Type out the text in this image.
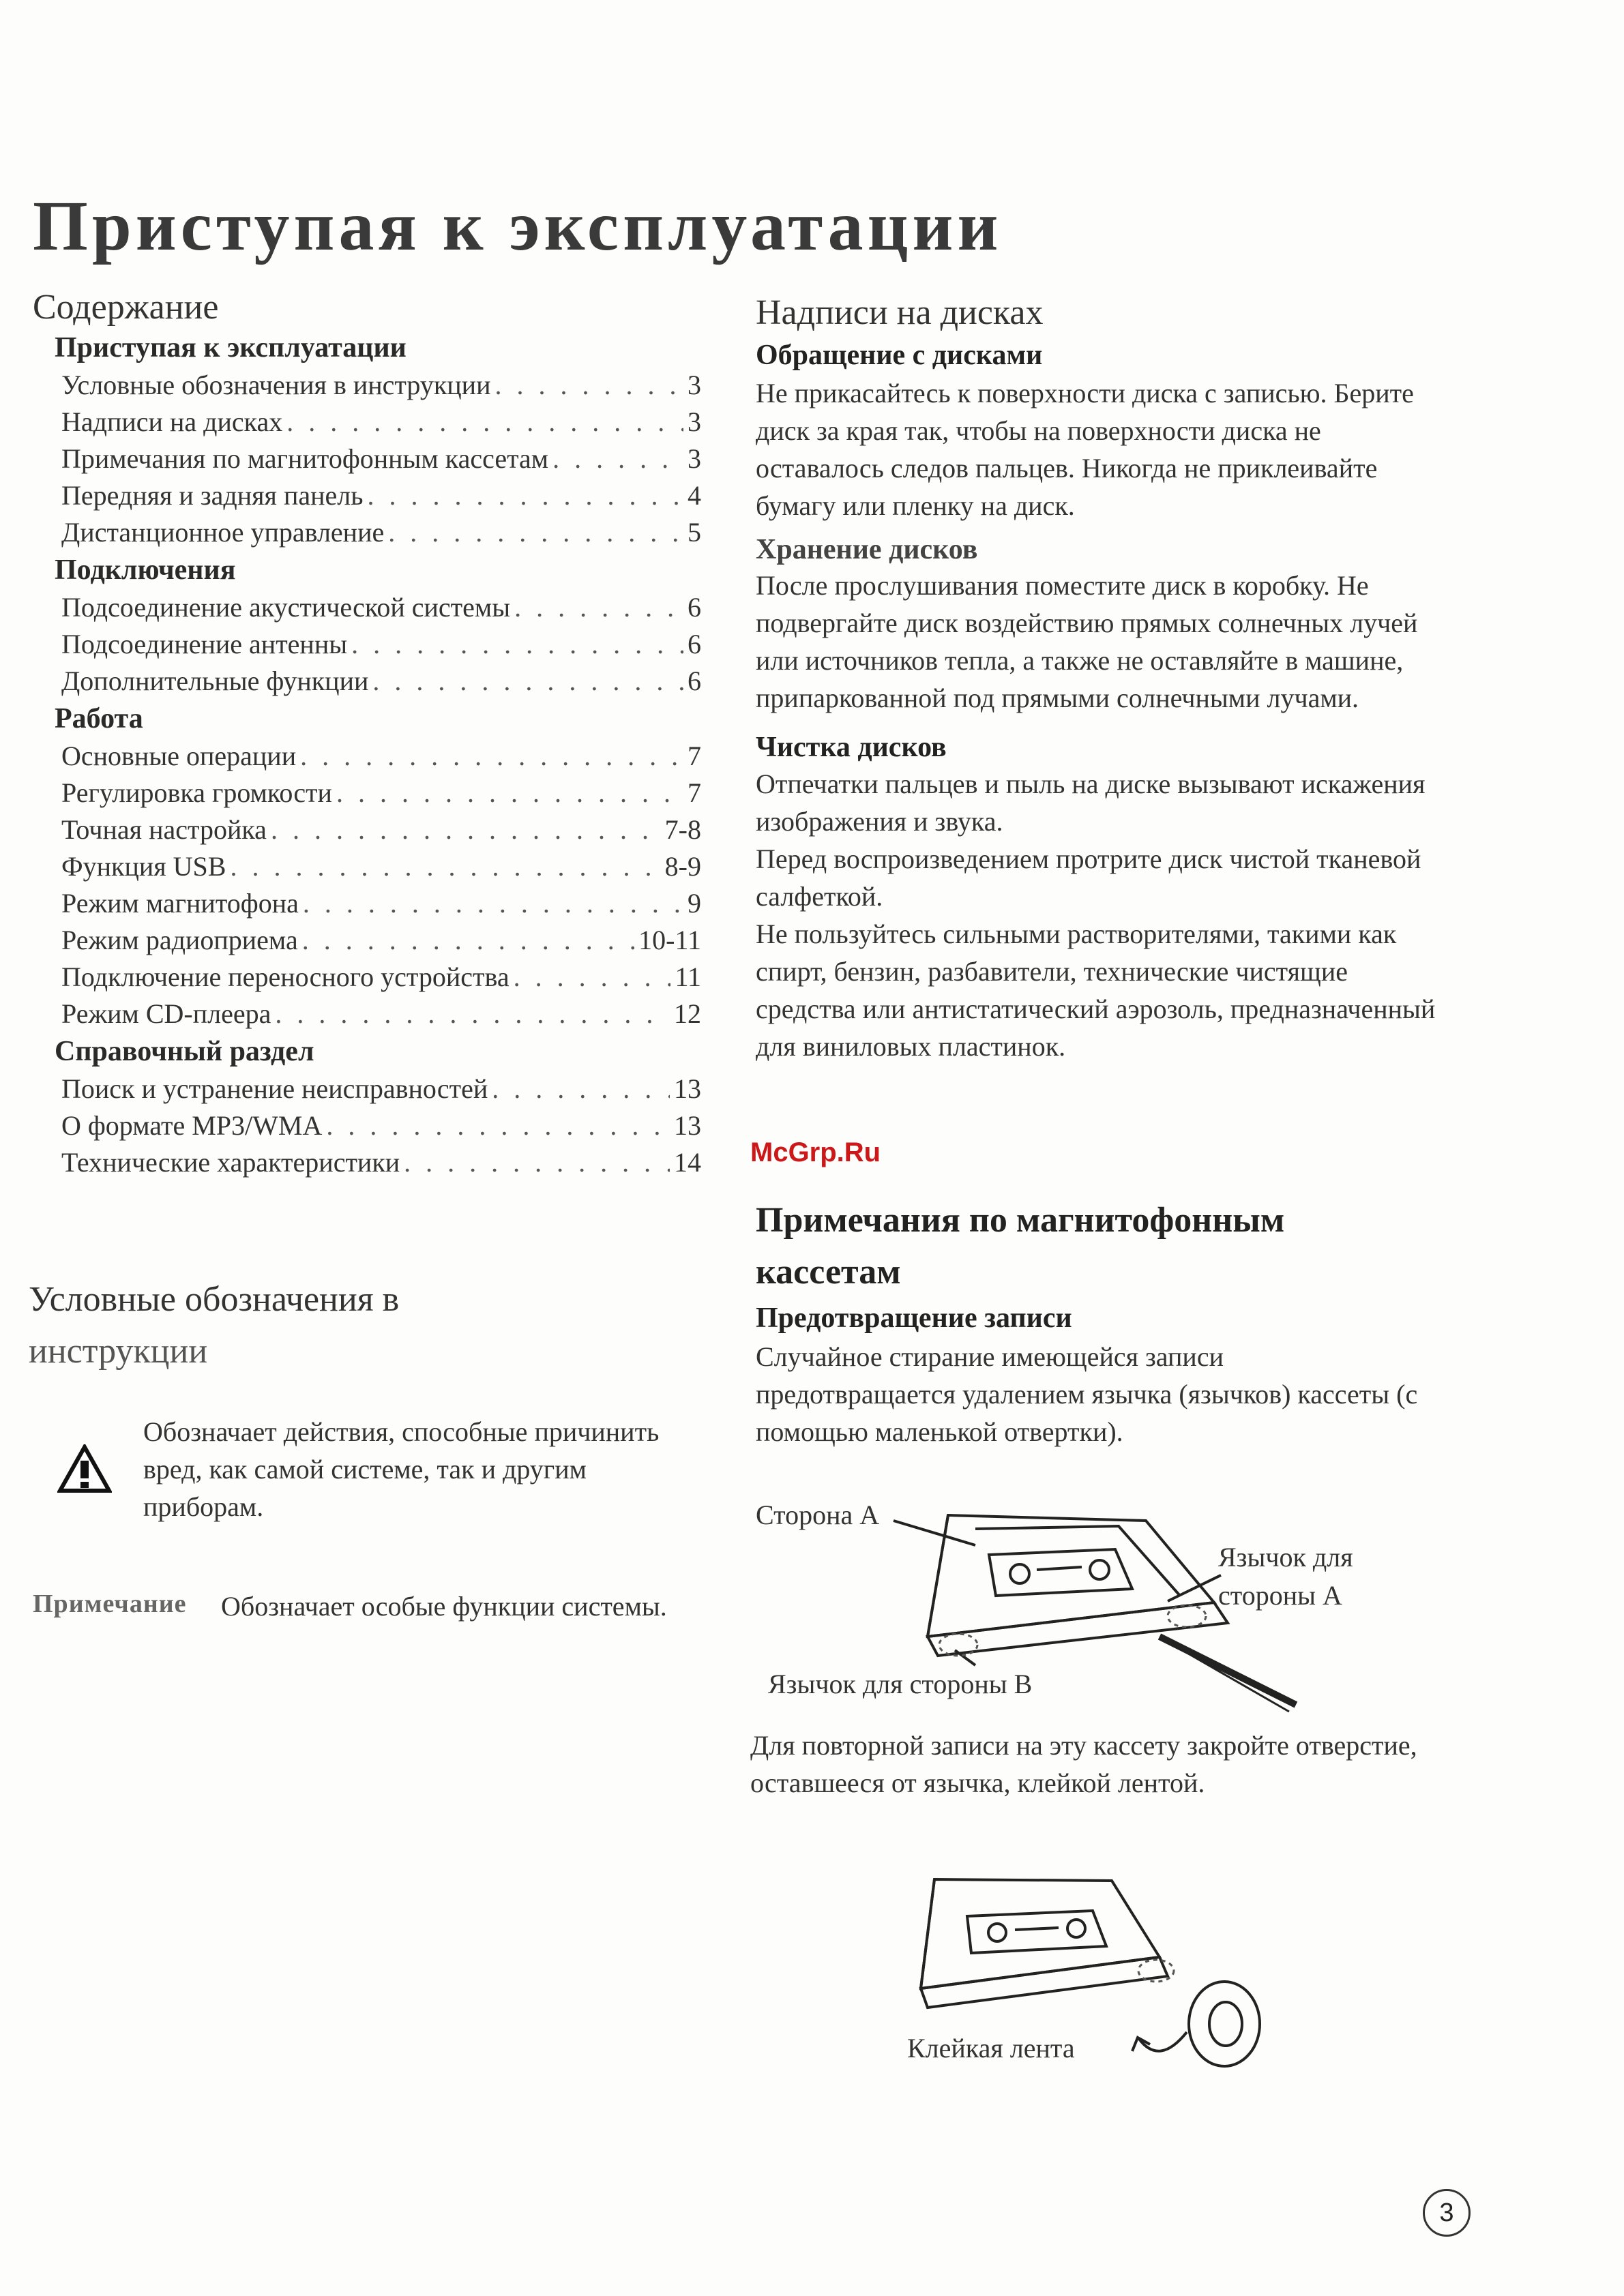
Приступая к эксплуатации
Содержание
Приступая к эксплуатации
Условные обозначения в инструкции . . .	3
Надписи на дисках . . .	3
Примечания по магнитофонным кассетам . . .	3
Передняя и задняя панель . . .	4
Дистанционное управление . . .	5
Подключения
Подсоединение акустической системы . . .	6
Подсоединение антенны . . .	6
Дополнительные функции . . .	6
Работа
Основные операции . . .	7
Регулировка громкости . . .	7
Точная настройка . . .	7-8
Функция USB . . .	8-9
Режим магнитофона . . .	9
Режим радиоприема . . .	10-11
Подключение переносного устройства . . .	11
Режим CD-плеера . . .	12
Справочный раздел
Поиск и устранение неисправностей . . .	13
О формате MP3/WMA . . .	13
Технические характеристики . . .	14
Условные обозначения в
инструкции

Обозначает действия, способные причинить вред, как самой системе, так и другим приборам.

Примечание Обозначает особые функции системы.

Надписи на дисках
Обращение с дисками

Не прикасайтесь к поверхности диска с записью. Берите диск за края так, чтобы на поверхности диска не оставалось следов пальцев. Никогда не приклеивайте бумагу или пленку на диск.

Хранение дисков

После прослушивания поместите диск в коробку. Не подвергайте диск воздействию прямых солнечных лучей или источников тепла, а также не оставляйте в машине, припаркованной под прямыми солнечными лучами.

Чистка дисков

Отпечатки пальцев и пыль на диске вызывают искажения изображения и звука.

Перед воспроизведением протрите диск чистой тканевой салфеткой.

Не пользуйтесь сильными растворителями, такими как спирт, бензин, разбавители, технические чистящие средства или антистатический аэрозоль, предназначенный для виниловых пластинок.

McGrp.Ru
Примечания по магнитофонным
кассетам
Предотвращение записи

Случайное стирание имеющейся записи предотвращается удалением язычка (язычков) кассеты (с помощью маленькой отвертки).

Сторона А
Язычок для
стороны А
Язычок для стороны В

Для повторной записи на эту кассету закройте отверстие, оставшееся от язычка, клейкой лентой.

Клейкая лента
3
